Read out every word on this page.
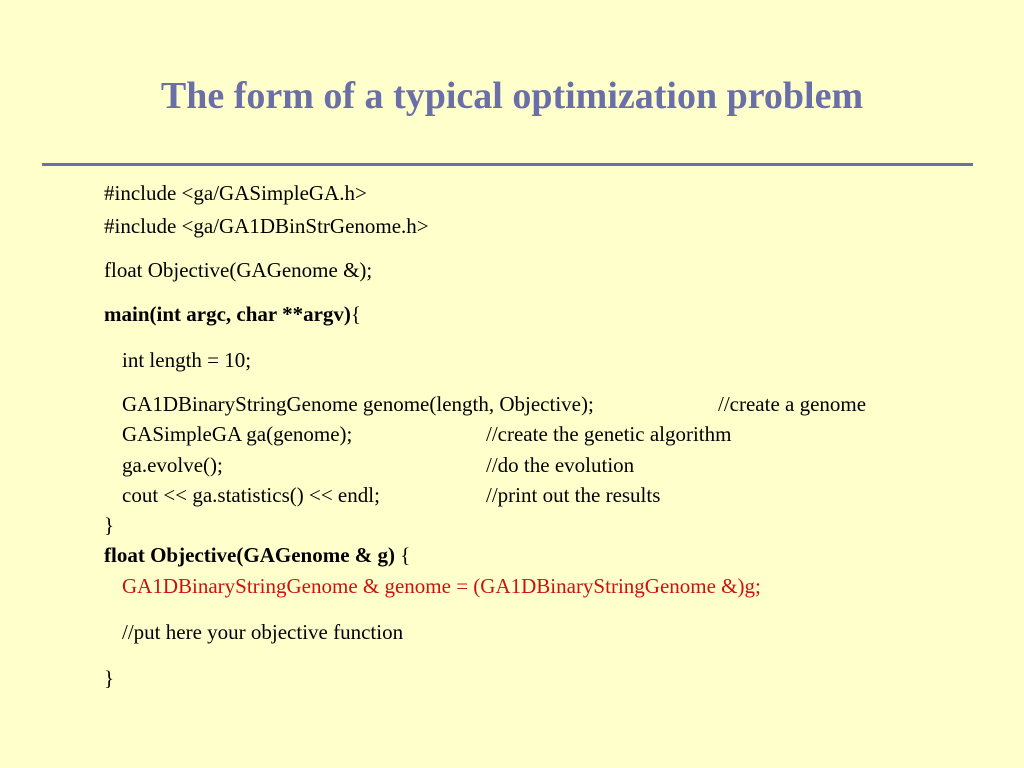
The form of a typical optimization problem
#include <ga/GASimpleGA.h>
#include <ga/GA1DBinStrGenome.h>
float Objective(GAGenome &);
main(int argc, char **argv){
int length = 10;
GA1DBinaryStringGenome genome(length, Objective);	//create a genome
GASimpleGA ga(genome);	//create the genetic algorithm
ga.evolve();	//do the evolution
cout << ga.statistics() << endl;	//print out the results
}
float Objective(GAGenome & g) {
GA1DBinaryStringGenome & genome = (GA1DBinaryStringGenome &)g;
//put here your objective function
}
